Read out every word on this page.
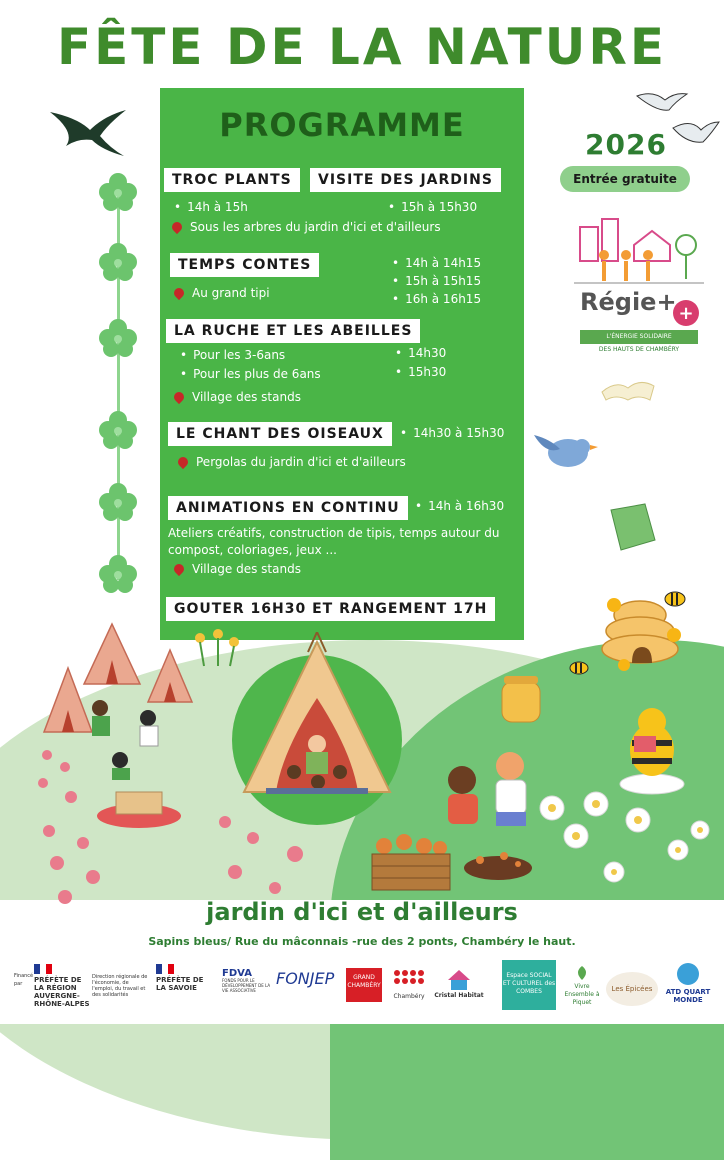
FÊTE DE LA NATURE
PROGRAMME
TROC PLANTS	VISITE DES JARDINS
• 14h à 15h	• 15h à 15h30
Sous les arbres du jardin d'ici et d'ailleurs
TEMPS CONTES
Au grand tipi
• 14h à 14h15
• 15h à 15h15
• 16h à 16h15
LA RUCHE ET LES ABEILLES
• Pour les 3-6ans
• Pour les plus de 6ans
• 14h30
• 15h30
Village des stands
LE CHANT DES OISEAUX	• 14h30 à 15h30
Pergolas du jardin d'ici et d'ailleurs
ANIMATIONS EN CONTINU	• 14h à 16h30
Ateliers créatifs, construction de tipis, temps autour du compost, coloriages, jeux ...
Village des stands
GOUTER 16H30 ET RANGEMENT 17H
2026
Entrée gratuite
+
Régie+
L'ÉNERGIE SOLIDAIRE
DES HAUTS DE CHAMBÉRY
jardin d'ici et d'ailleurs
Sapins bleus/ Rue du mâconnais -rue des 2 ponts, Chambéry le haut.
Financé par	PRÉFÈTE DE LA RÉGION AUVERGNE-RHÔNE-ALPES
Direction régionale de l'économie, de l'emploi, du travail et des solidarités
PRÉFÈTE DE LA SAVOIE
FDVA
FONDS POUR LE DÉVELOPPEMENT DE LA VIE ASSOCIATIVE
FONJEP	GRAND CHAMBÉRY
Chambéry	Cristal Habitat
Espace SOCIAL ET CULTUREL des COMBES
Vivre Ensemble à Piquet
Les Épicées	ATD QUART MONDE
